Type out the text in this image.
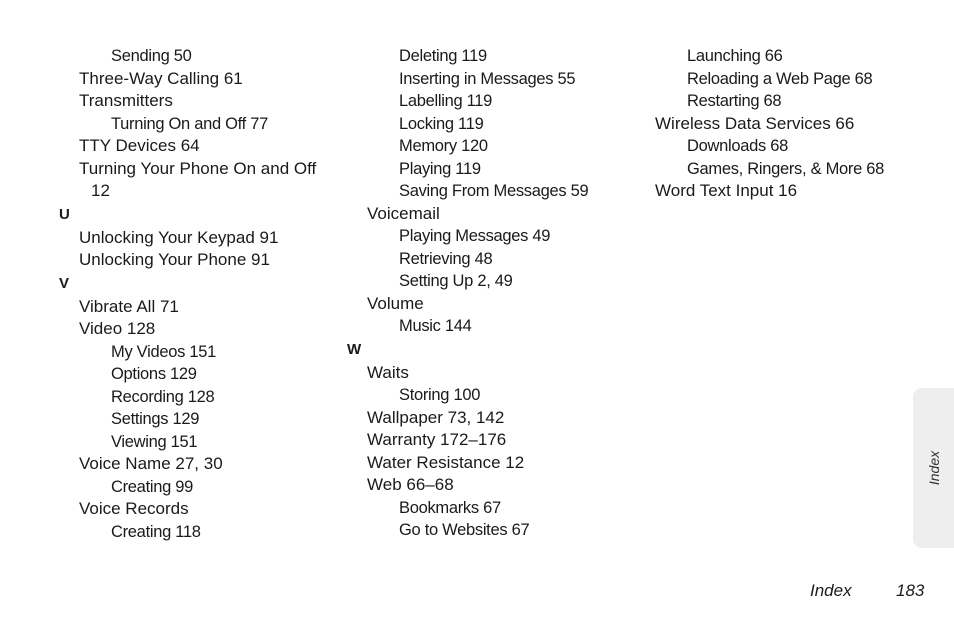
Sending 50
Three-Way Calling 61
Transmitters
Turning On and Off 77
TTY Devices 64
Turning Your Phone On and Off
12
U
Unlocking Your Keypad 91
Unlocking Your Phone 91
V
Vibrate All 71
Video 128
My Videos 151
Options 129
Recording 128
Settings 129
Viewing 151
Voice Name 27, 30
Creating 99
Voice Records
Creating 118
Deleting 119
Inserting in Messages 55
Labelling 119
Locking 119
Memory 120
Playing 119
Saving From Messages 59
Voicemail
Playing Messages 49
Retrieving 48
Setting Up 2, 49
Volume
Music 144
W
Waits
Storing 100
Wallpaper 73, 142
Warranty 172–176
Water Resistance 12
Web 66–68
Bookmarks 67
Go to Websites 67
Launching 66
Reloading a Web Page 68
Restarting 68
Wireless Data Services 66
Downloads 68
Games, Ringers, & More 68
Word Text Input 16
Index
Index	183
